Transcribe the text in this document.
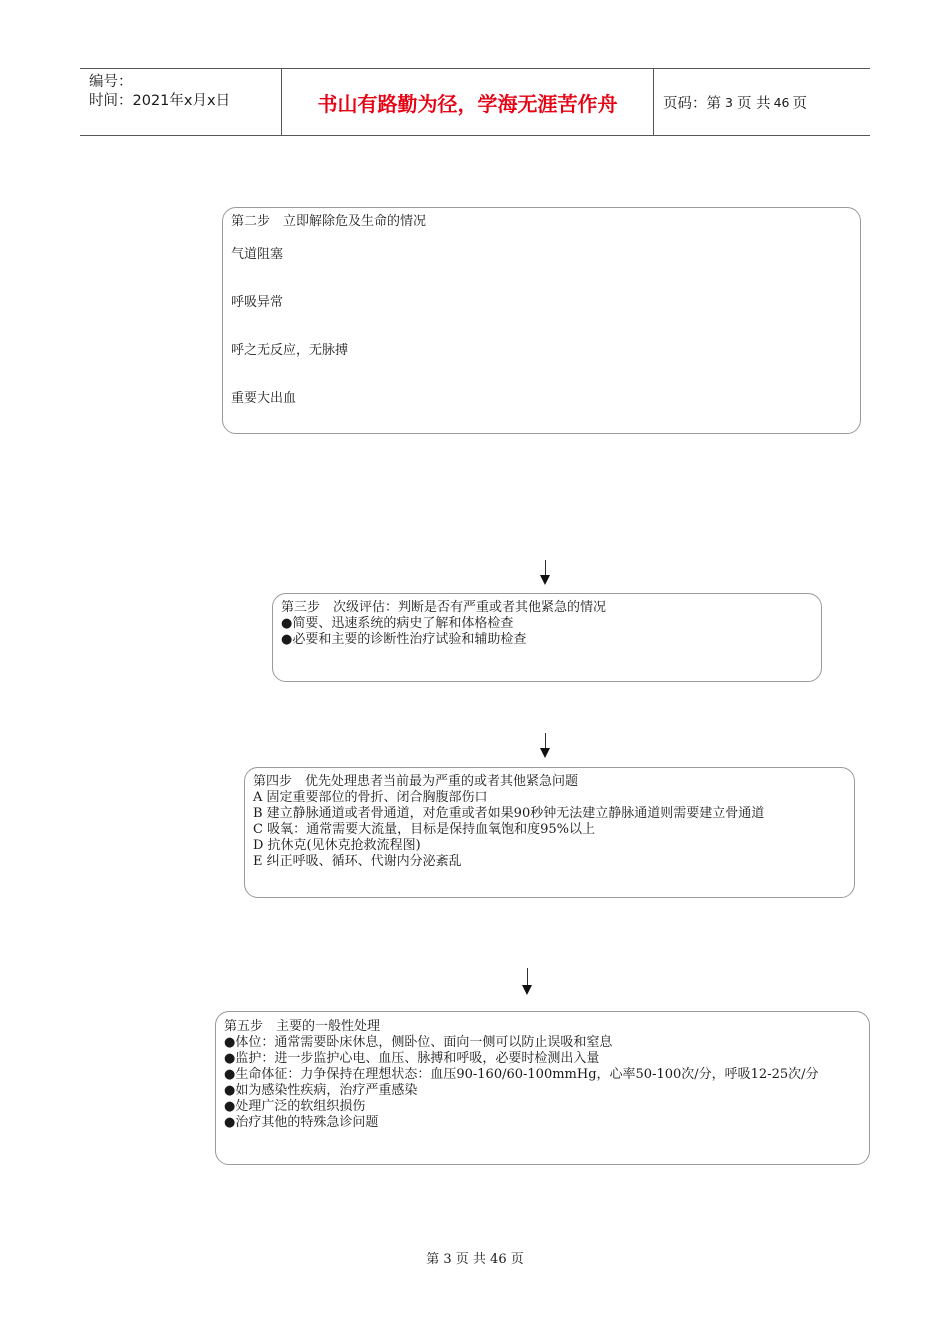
编号：
时间：2021年x月x日	书山有路勤为径，学海无涯苦作舟	页码：第 3 页 共 46 页
第二步　立即解除危及生命的情况
气道阻塞
呼吸异常
呼之无反应，无脉搏
重要大出血
第三步　次级评估：判断是否有严重或者其他紧急的情况
●简要、迅速系统的病史了解和体格检查
●必要和主要的诊断性治疗试验和辅助检查
第四步　优先处理患者当前最为严重的或者其他紧急问题
A 固定重要部位的骨折、闭合胸腹部伤口
B 建立静脉通道或者骨通道，对危重或者如果90秒钟无法建立静脉通道则需要建立骨通道
C 吸氧：通常需要大流量，目标是保持血氧饱和度95%以上
D 抗休克(见休克抢救流程图)
E 纠正呼吸、循环、代谢内分泌紊乱
第五步　主要的一般性处理
●体位：通常需要卧床休息，侧卧位、面向一侧可以防止误吸和窒息
●监护：进一步监护心电、血压、脉搏和呼吸，必要时检测出入量
●生命体征：力争保持在理想状态：血压90-160/60-100mmHg，心率50-100次/分，呼吸12-25次/分
●如为感染性疾病，治疗严重感染
●处理广泛的软组织损伤
●治疗其他的特殊急诊问题
第 3 页 共 46 页
